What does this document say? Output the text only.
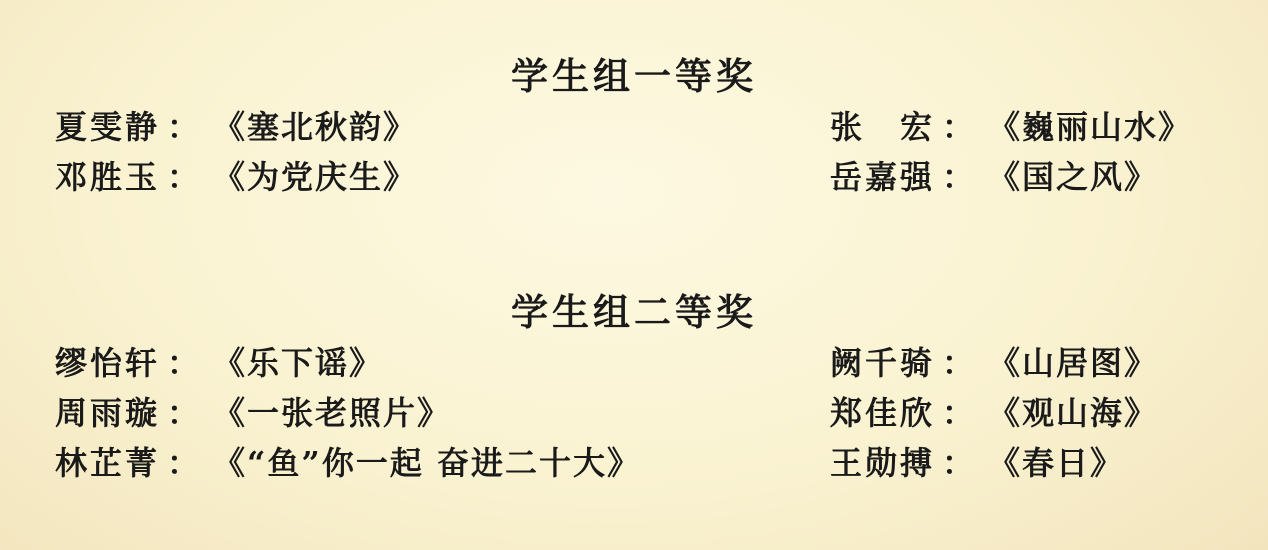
学生组一等奖
夏雯静 ： 《塞北秋韵》	张　宏 ： 《巍丽山水》
邓胜玉 ： 《为党庆生》	岳嘉强 ： 《国之风》
学生组二等奖
缪怡轩 ： 《乐下谣》	阙千骑 ： 《山居图》
周雨璇 ： 《一张老照片》	郑佳欣 ： 《观山海》
林芷菁 ： 《“鱼”你一起 奋进二十大》	王勋搏 ： 《春日》
